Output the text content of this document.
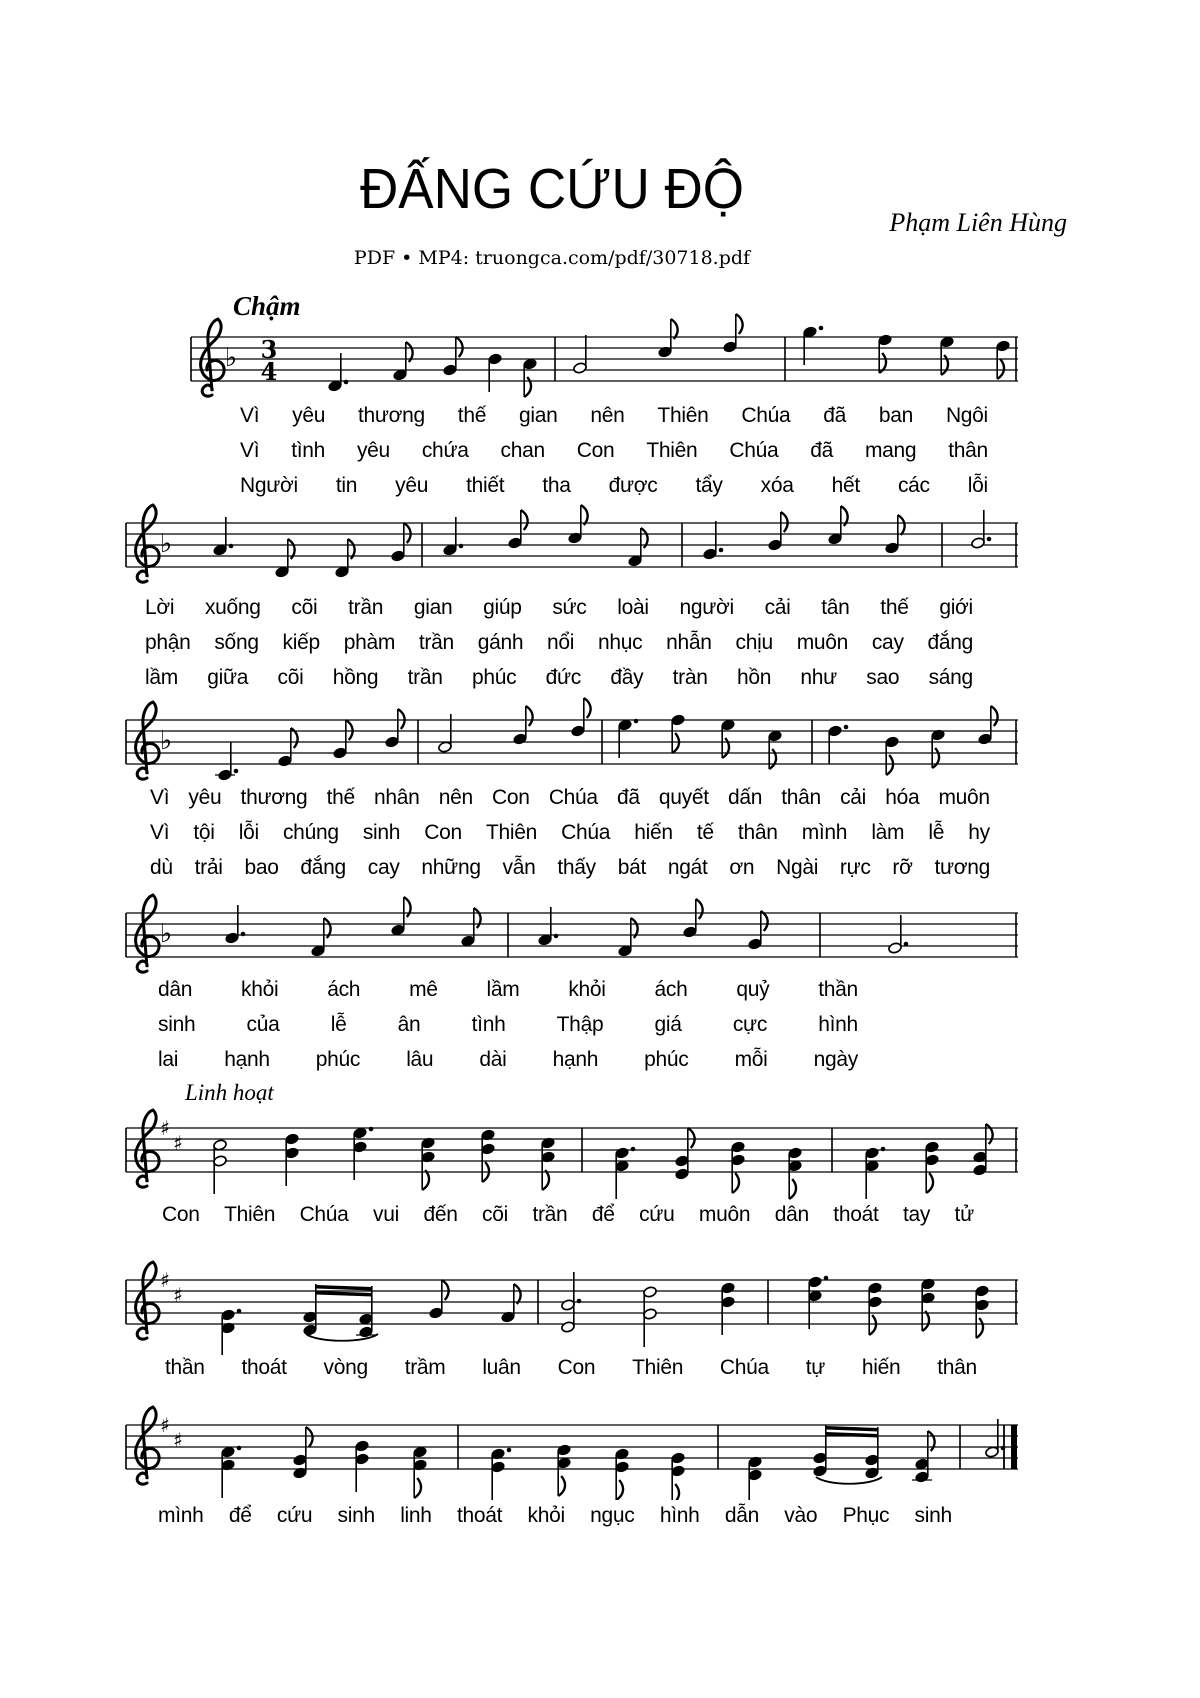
ĐẤNG CỨU ĐỘ
Phạm Liên Hùng
PDF • MP4: truongca.com/pdf/30718.pdf
Chậm
Linh hoạt
♭ 3
4
♭
♭
♭
♯
♯
♯
♯
♯
♯
Vì yêu thương thế gian nên Thiên Chúa đã ban Ngôi
Vì tình yêu chứa chan Con Thiên Chúa đã mang thân
Người tin yêu thiết tha được tẩy xóa hết các lỗi
Lời xuống cõi trần gian giúp sức loài người cải tân thế giới
phận sống kiếp phàm trần gánh nổi nhục nhẫn chịu muôn cay đắng
lầm giữa cõi hồng trần phúc đức đầy tràn hồn như sao sáng
Vì yêu thương thế nhân nên Con Chúa đã quyết dấn thân cải hóa muôn
Vì tội lỗi chúng sinh Con Thiên Chúa hiến tế thân mình làm lễ hy
dù trải bao đắng cay những vẫn thấy bát ngát ơn Ngài rực rỡ tương
dân khỏi ách mê lầm khỏi ách quỷ thần
sinh của lễ ân tình Thập giá cực hình
lai hạnh phúc lâu dài hạnh phúc mỗi ngày
Con Thiên Chúa vui đến cõi trần để cứu muôn dân thoát tay tử
thần thoát vòng trầm luân Con Thiên Chúa tự hiến thân
mình để cứu sinh linh thoát khỏi ngục hình dẫn vào Phục sinh
